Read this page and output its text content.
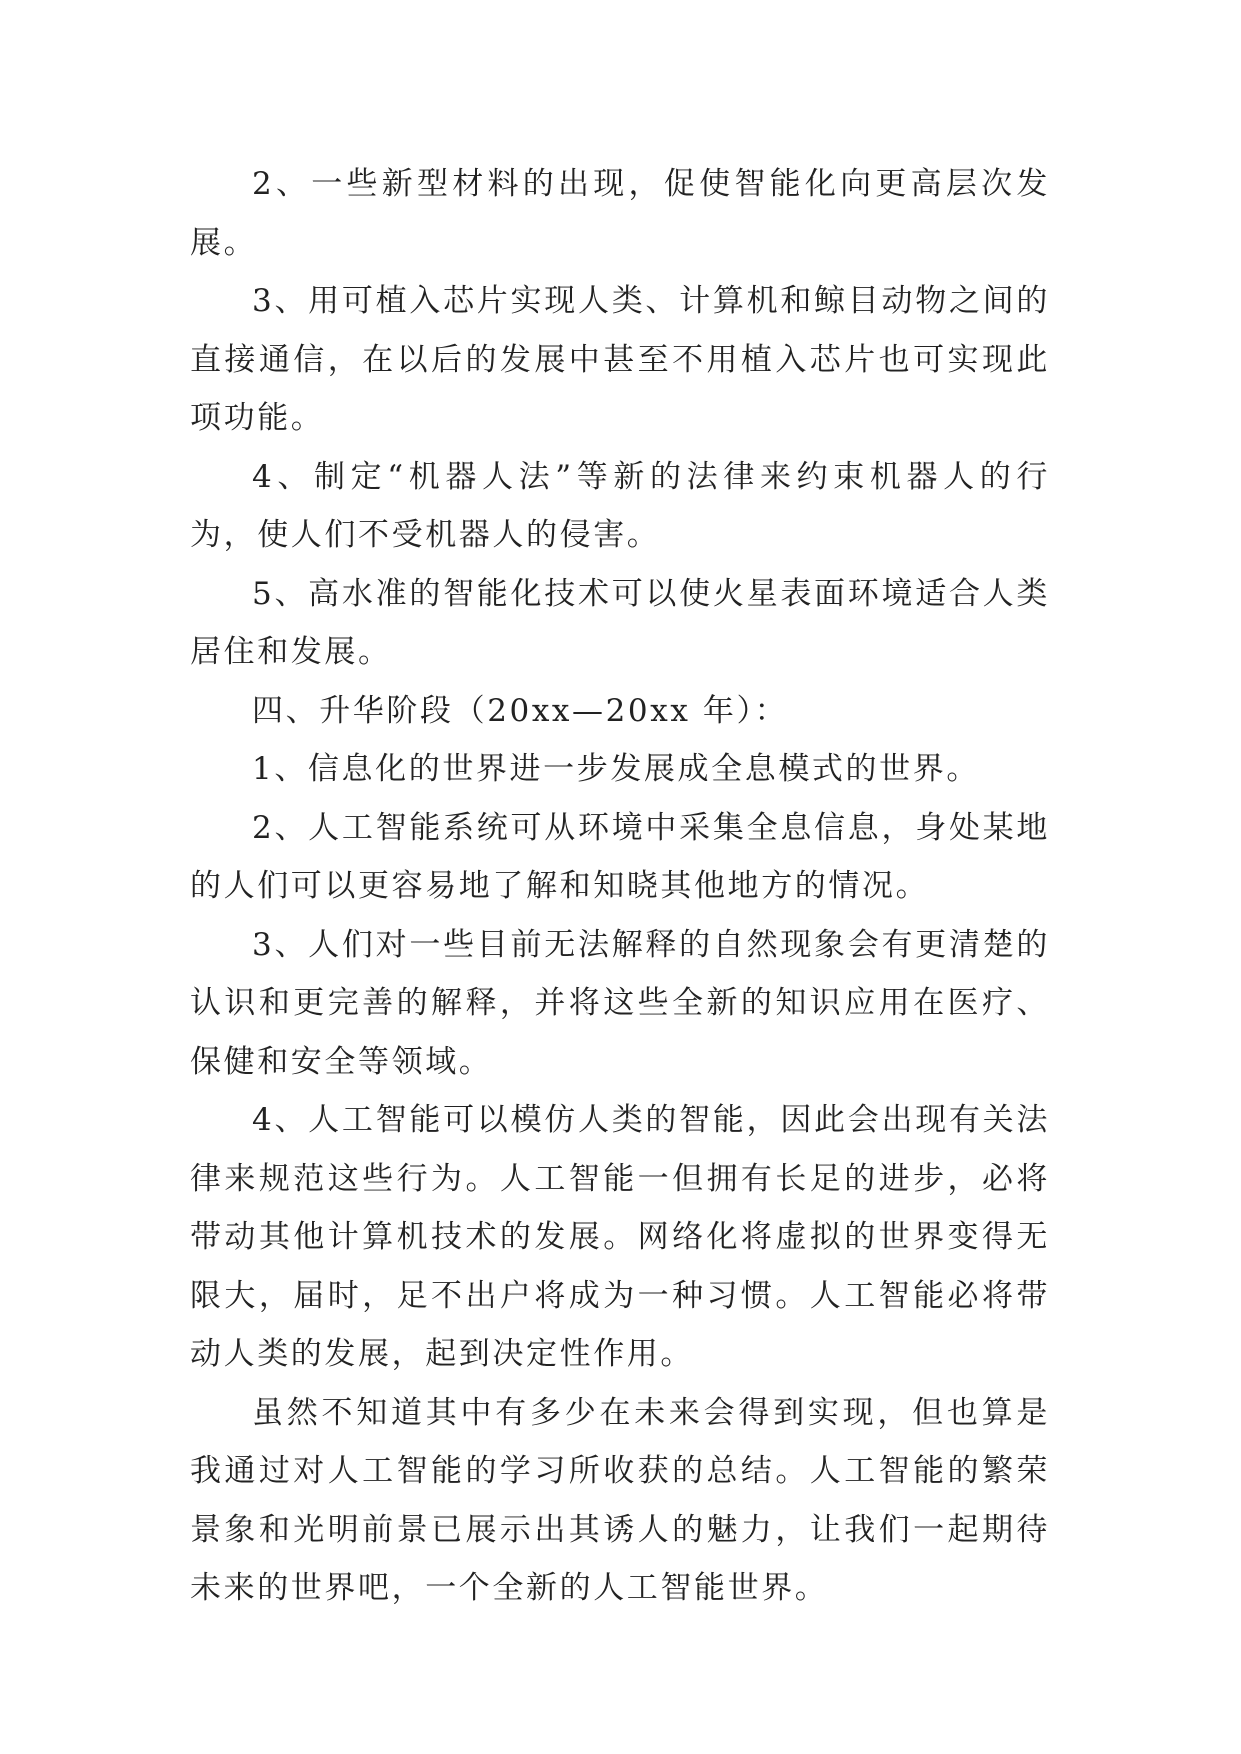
2、一些新型材料的出现，促使智能化向更高层次发展。

3、用可植入芯片实现人类、计算机和鲸目动物之间的直接通信，在以后的发展中甚至不用植入芯片也可实现此项功能。

4、制定“机器人法”等新的法律来约束机器人的行为，使人们不受机器人的侵害。

5、高水准的智能化技术可以使火星表面环境适合人类居住和发展。

四、升华阶段（20xx—20xx 年）：

1、信息化的世界进一步发展成全息模式的世界。

2、人工智能系统可从环境中采集全息信息，身处某地的人们可以更容易地了解和知晓其他地方的情况。

3、人们对一些目前无法解释的自然现象会有更清楚的认识和更完善的解释，并将这些全新的知识应用在医疗、保健和安全等领域。

4、人工智能可以模仿人类的智能，因此会出现有关法律来规范这些行为。人工智能一但拥有长足的进步，必将带动其他计算机技术的发展。网络化将虚拟的世界变得无限大，届时，足不出户将成为一种习惯。人工智能必将带动人类的发展，起到决定性作用。

虽然不知道其中有多少在未来会得到实现，但也算是我通过对人工智能的学习所收获的总结。人工智能的繁荣景象和光明前景已展示出其诱人的魅力，让我们一起期待未来的世界吧，一个全新的人工智能世界。
